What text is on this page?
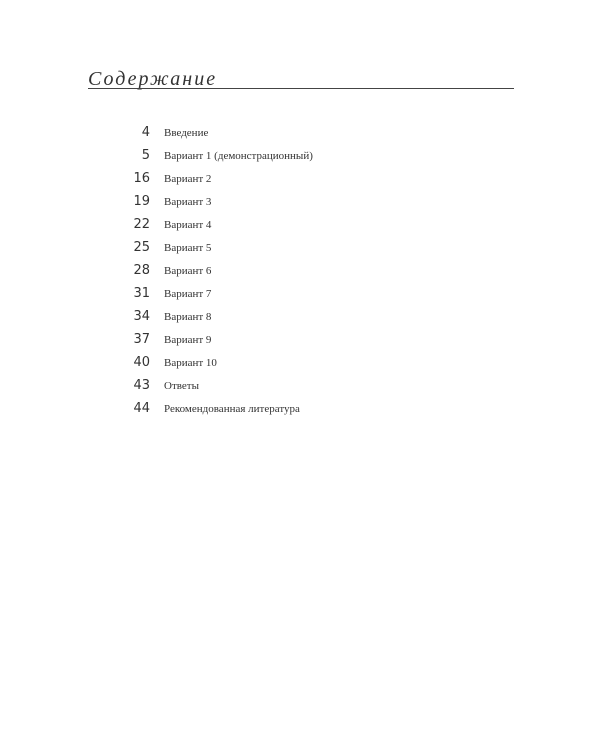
Содержание
4 Введение
5 Вариант 1 (демонстрационный)
16 Вариант 2
19 Вариант 3
22 Вариант 4
25 Вариант 5
28 Вариант 6
31 Вариант 7
34 Вариант 8
37 Вариант 9
40 Вариант 10
43 Ответы
44 Рекомендованная литература
